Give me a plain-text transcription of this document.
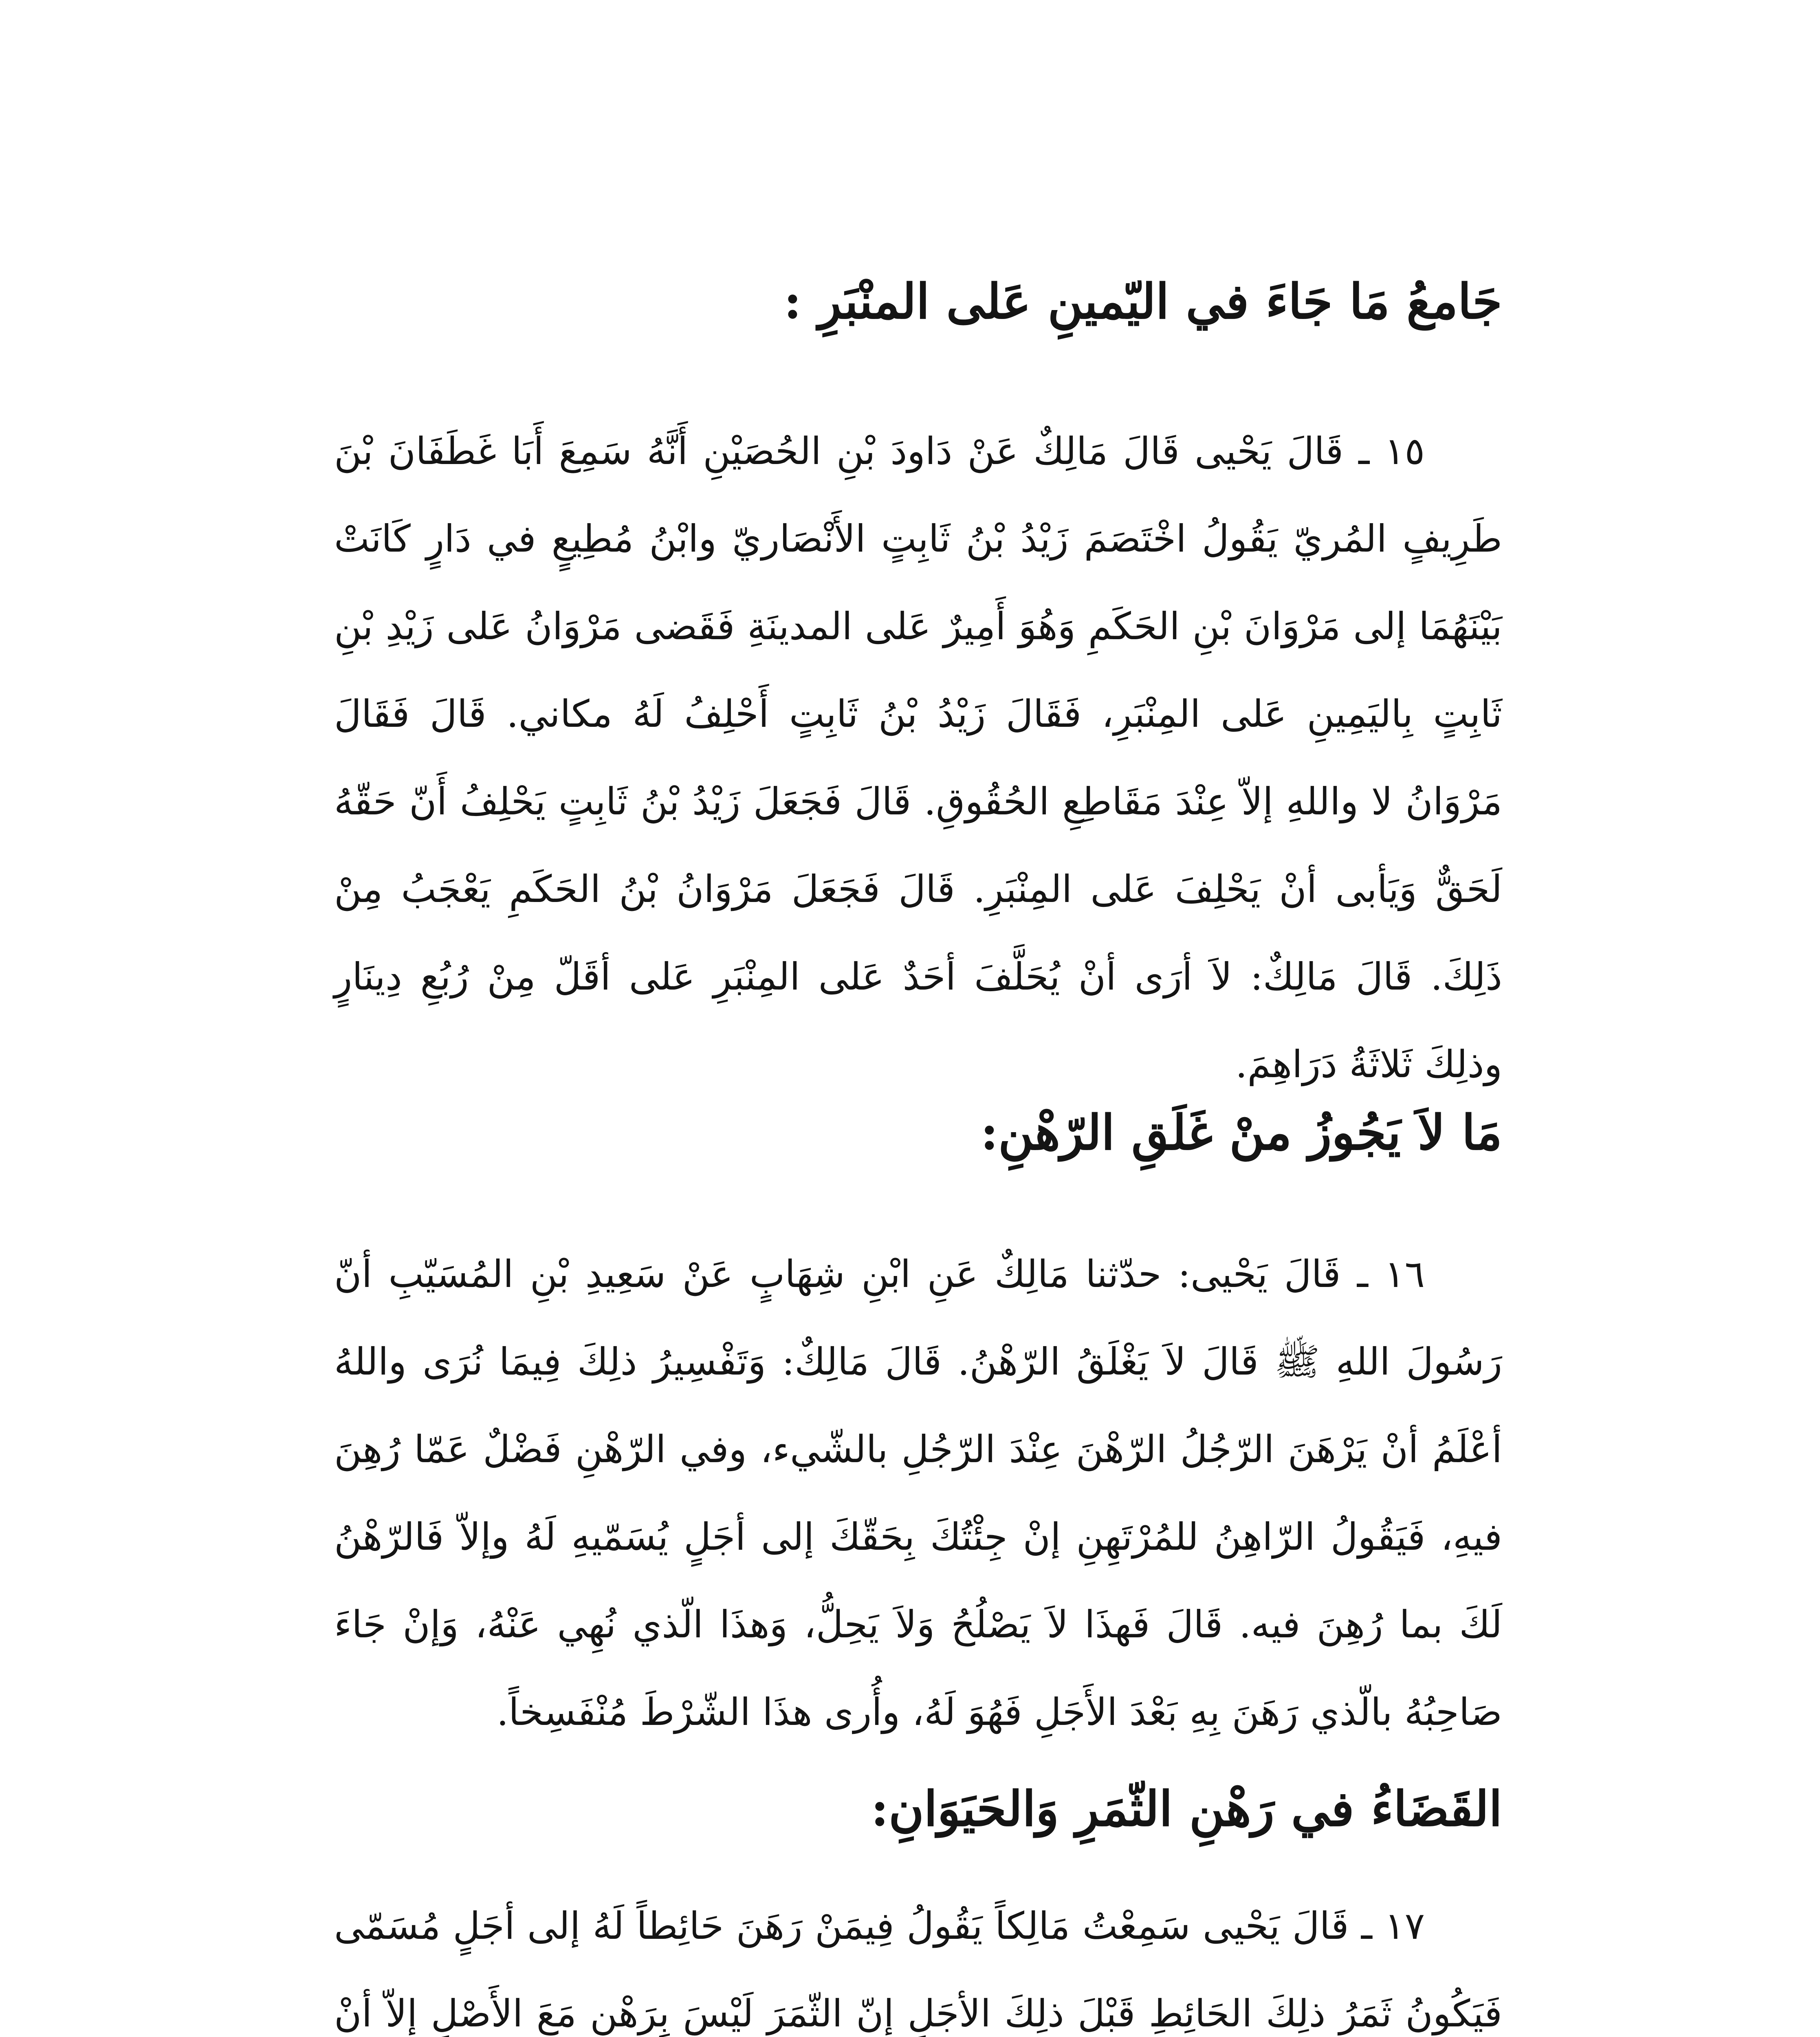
جَامعُ مَا جَاءَ في اليّمينِ عَلى المنْبَرِ :

١٥ ـ قَالَ يَحْيى قَالَ مَالِكٌ عَنْ دَاودَ بْنِ الحُصَيْنِ أَنَّهُ سَمِعَ أَبَا غَطَفَانَ بْنَ طَرِيفٍ المُريّ يَقُولُ اخْتَصَمَ زَيْدُ بْنُ ثَابِتٍ الأَنْصَاريّ وابْنُ مُطِيعٍ في دَارٍ كَانَتْ بَيْنَهُمَا إلى مَرْوَانَ بْنِ الحَكَمِ وَهُوَ أَمِيرٌ عَلى المدينَةِ فَقَضى مَرْوَانُ عَلى زَيْدِ بْنِ ثَابِتٍ بِاليَمِينِ عَلى المِنْبَرِ، فَقَالَ زَيْدُ بْنُ ثَابِتٍ أَحْلِفُ لَهُ مكاني. قَالَ فَقَالَ مَرْوَانُ لا واللهِ إلاّ عِنْدَ مَقَاطِعِ الحُقُوقِ. قَالَ فَجَعَلَ زَيْدُ بْنُ ثَابِتٍ يَحْلِفُ أَنّ حَقّهُ لَحَقٌّ وَيَأبى أنْ يَحْلِفَ عَلى المِنْبَرِ. قَالَ فَجَعَلَ مَرْوَانُ بْنُ الحَكَمِ يَعْجَبُ مِنْ ذَلِكَ. قَالَ مَالِكٌ: لاَ أرَى أنْ يُحَلَّفَ أحَدٌ عَلى المِنْبَرِ عَلى أقَلّ مِنْ رُبُعِ دِينَارٍ وذلِكَ ثَلاثَةُ دَرَاهِمَ.

مَا لاَ يَجُوزُ منْ غَلَقِ الرّهْنِ:

١٦ ـ قَالَ يَحْيى: حدّثنا مَالِكٌ عَنِ ابْنِ شِهَابٍ عَنْ سَعِيدِ بْنِ المُسَيّبِ أنّ رَسُولَ اللهِ ﷺ قَالَ لاَ يَغْلَقُ الرّهْنُ. قَالَ مَالِكٌ: وَتَفْسِيرُ ذلِكَ فِيمَا نُرَى واللهُ أعْلَمُ أنْ يَرْهَنَ الرّجُلُ الرّهْنَ عِنْدَ الرّجُلِ بالشّيء، وفي الرّهْنِ فَضْلٌ عَمّا رُهِنَ فيهِ، فَيَقُولُ الرّاهِنُ للمُرْتَهِنِ إنْ جِئْتُكَ بِحَقّكَ إلى أجَلٍ يُسَمّيهِ لَهُ وإلاّ فَالرّهْنُ لَكَ بما رُهِنَ فيه. قَالَ فَهذَا لاَ يَصْلُحُ وَلاَ يَحِلُّ، وَهذَا الّذي نُهِي عَنْهُ، وَإنْ جَاءَ صَاحِبُهُ بالّذي رَهَنَ بِهِ بَعْدَ الأَجَلِ فَهُوَ لَهُ، وأُرى هذَا الشّرْطَ مُنْفَسِخاً.

القَضَاءُ في رَهْنِ الثّمَرِ وَالحَيَوَانِ:

١٧ ـ قَالَ يَحْيى سَمِعْتُ مَالِكاً يَقُولُ فِيمَنْ رَهَنَ حَائِطاً لَهُ إلى أجَلٍ مُسَمّى فَيَكُونُ ثَمَرُ ذلِكَ الحَائِطِ قَبْلَ ذلِكَ الأجَلِ إنّ الثّمَرَ لَيْسَ بِرَهْنٍ مَعَ الأَصْلِ إلاّ أنْ
